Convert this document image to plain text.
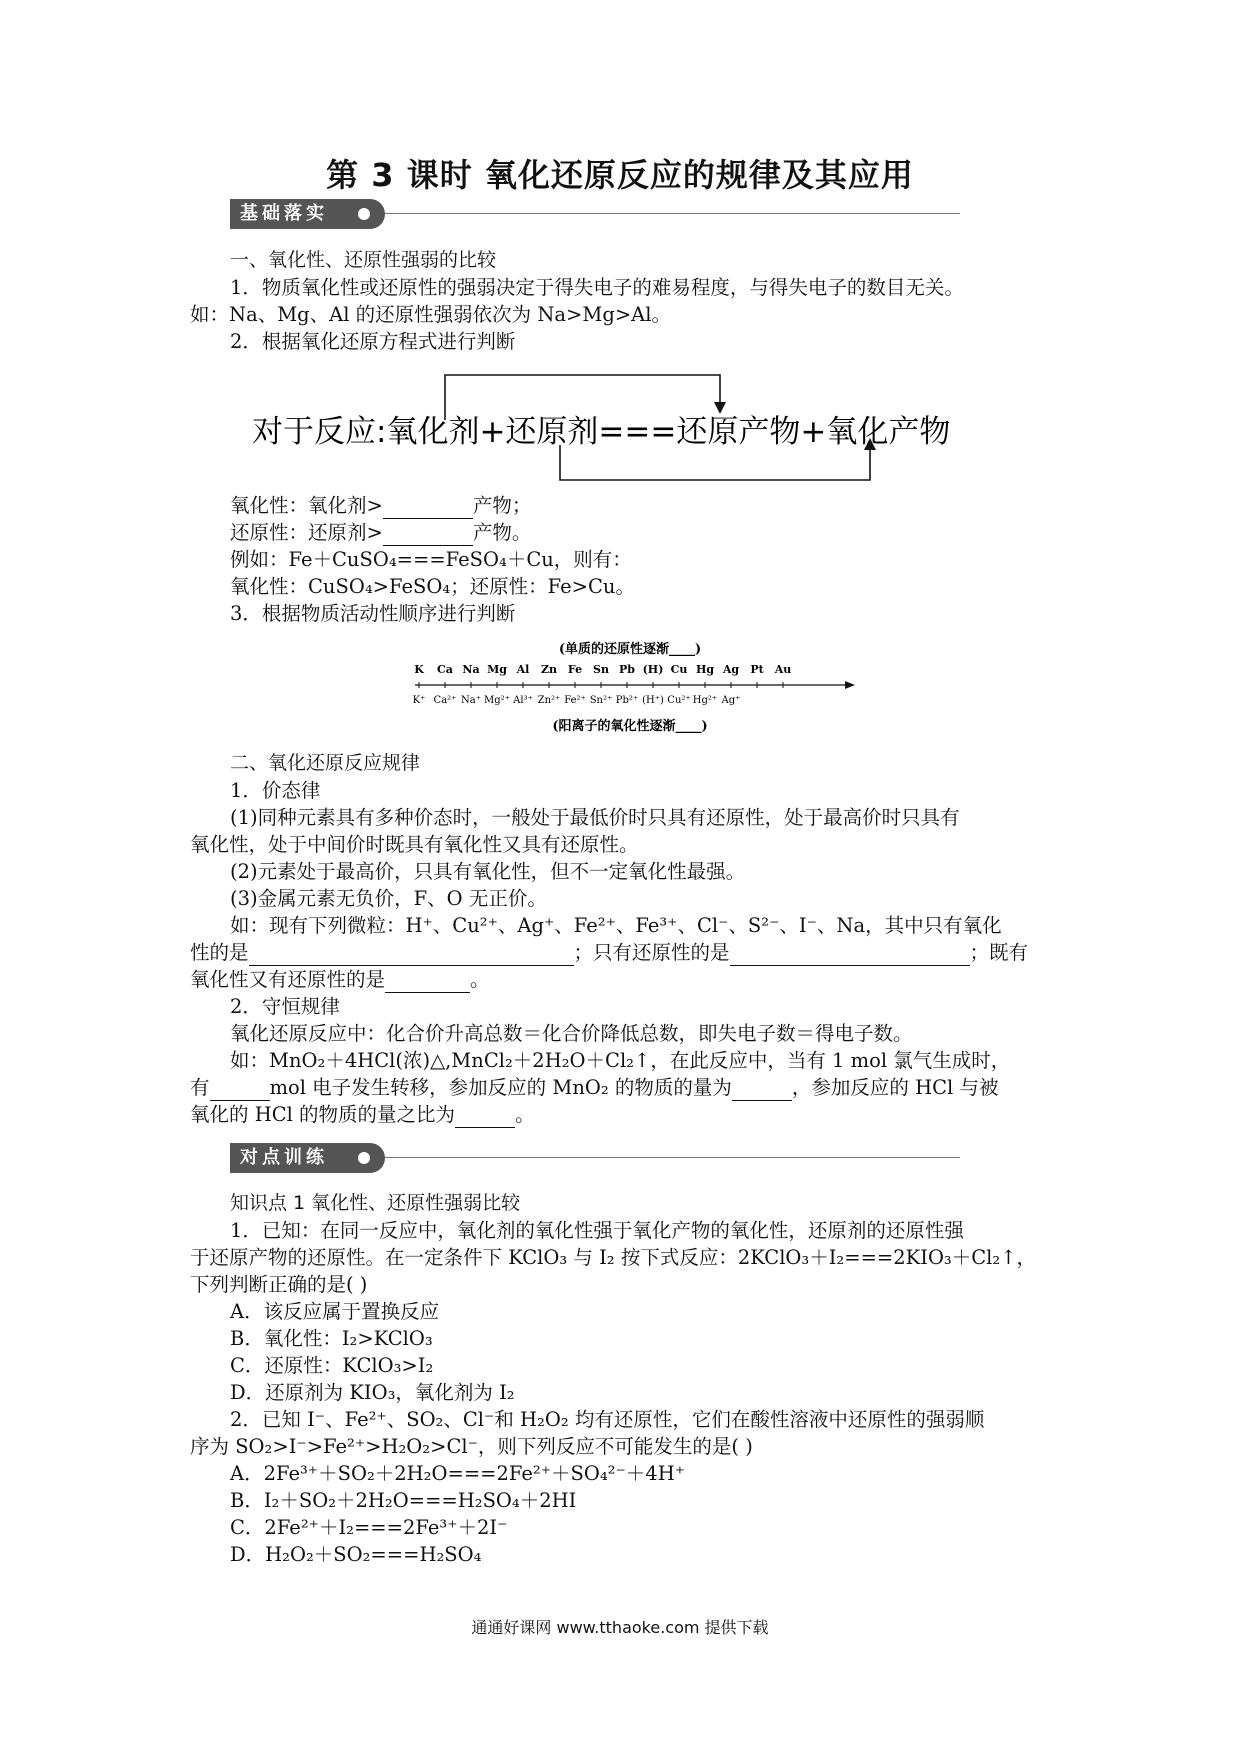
第 3 课时 氧化还原反应的规律及其应用
基础落实
一、氧化性、还原性强弱的比较
1．物质氧化性或还原性的强弱决定于得失电子的难易程度，与得失电子的数目无关。
如：Na、Mg、Al 的还原性强弱依次为 Na>Mg>Al。
2．根据氧化还原方程式进行判断
对于反应:氧化剂+还原剂===还原产物+氧化产物
氧化性：氧化剂>	产物；
还原性：还原剂>	产物。
例如：Fe＋CuSO₄===FeSO₄＋Cu，则有：
氧化性：CuSO₄>FeSO₄；还原性：Fe>Cu。
3．根据物质活动性顺序进行判断
(单质的还原性逐渐____)
K Ca Na Mg Al Zn Fe Sn Pb (H) Cu Hg Ag Pt Au
K⁺ Ca²⁺ Na⁺ Mg²⁺ Al³⁺ Zn²⁺ Fe²⁺ Sn²⁺ Pb²⁺ (H⁺) Cu²⁺ Hg²⁺ Ag⁺
(阳离子的氧化性逐渐____)
二、氧化还原反应规律
1．价态律
(1)同种元素具有多种价态时，一般处于最低价时只具有还原性，处于最高价时只具有
氧化性，处于中间价时既具有氧化性又具有还原性。
(2)元素处于最高价，只具有氧化性，但不一定氧化性最强。
(3)金属元素无负价，F、O 无正价。
如：现有下列微粒：H⁺、Cu²⁺、Ag⁺、Fe²⁺、Fe³⁺、Cl⁻、S²⁻、I⁻、Na，其中只有氧化
性的是	；只有还原性的是	；既有
氧化性又有还原性的是	。
2．守恒规律
氧化还原反应中：化合价升高总数＝化合价降低总数，即失电子数＝得电子数。
如：MnO₂＋4HCl(浓)△,MnCl₂＋2H₂O＋Cl₂↑，在此反应中，当有 1 mol 氯气生成时，
有	mol 电子发生转移，参加反应的 MnO₂ 的物质的量为	，参加反应的 HCl 与被
氧化的 HCl 的物质的量之比为	。
对点训练
知识点 1 氧化性、还原性强弱比较
1．已知：在同一反应中，氧化剂的氧化性强于氧化产物的氧化性，还原剂的还原性强
于还原产物的还原性。在一定条件下 KClO₃ 与 I₂ 按下式反应：2KClO₃＋I₂===2KIO₃＋Cl₂↑，
下列判断正确的是( )
A．该反应属于置换反应
B．氧化性：I₂>KClO₃
C．还原性：KClO₃>I₂
D．还原剂为 KIO₃，氧化剂为 I₂
2．已知 I⁻、Fe²⁺、SO₂、Cl⁻和 H₂O₂ 均有还原性，它们在酸性溶液中还原性的强弱顺
序为 SO₂>I⁻>Fe²⁺>H₂O₂>Cl⁻，则下列反应不可能发生的是( )
A．2Fe³⁺＋SO₂＋2H₂O===2Fe²⁺＋SO₄²⁻＋4H⁺
B．I₂＋SO₂＋2H₂O===H₂SO₄＋2HI
C．2Fe²⁺＋I₂===2Fe³⁺＋2I⁻
D．H₂O₂＋SO₂===H₂SO₄
通通好课网 www.tthaoke.com 提供下载
